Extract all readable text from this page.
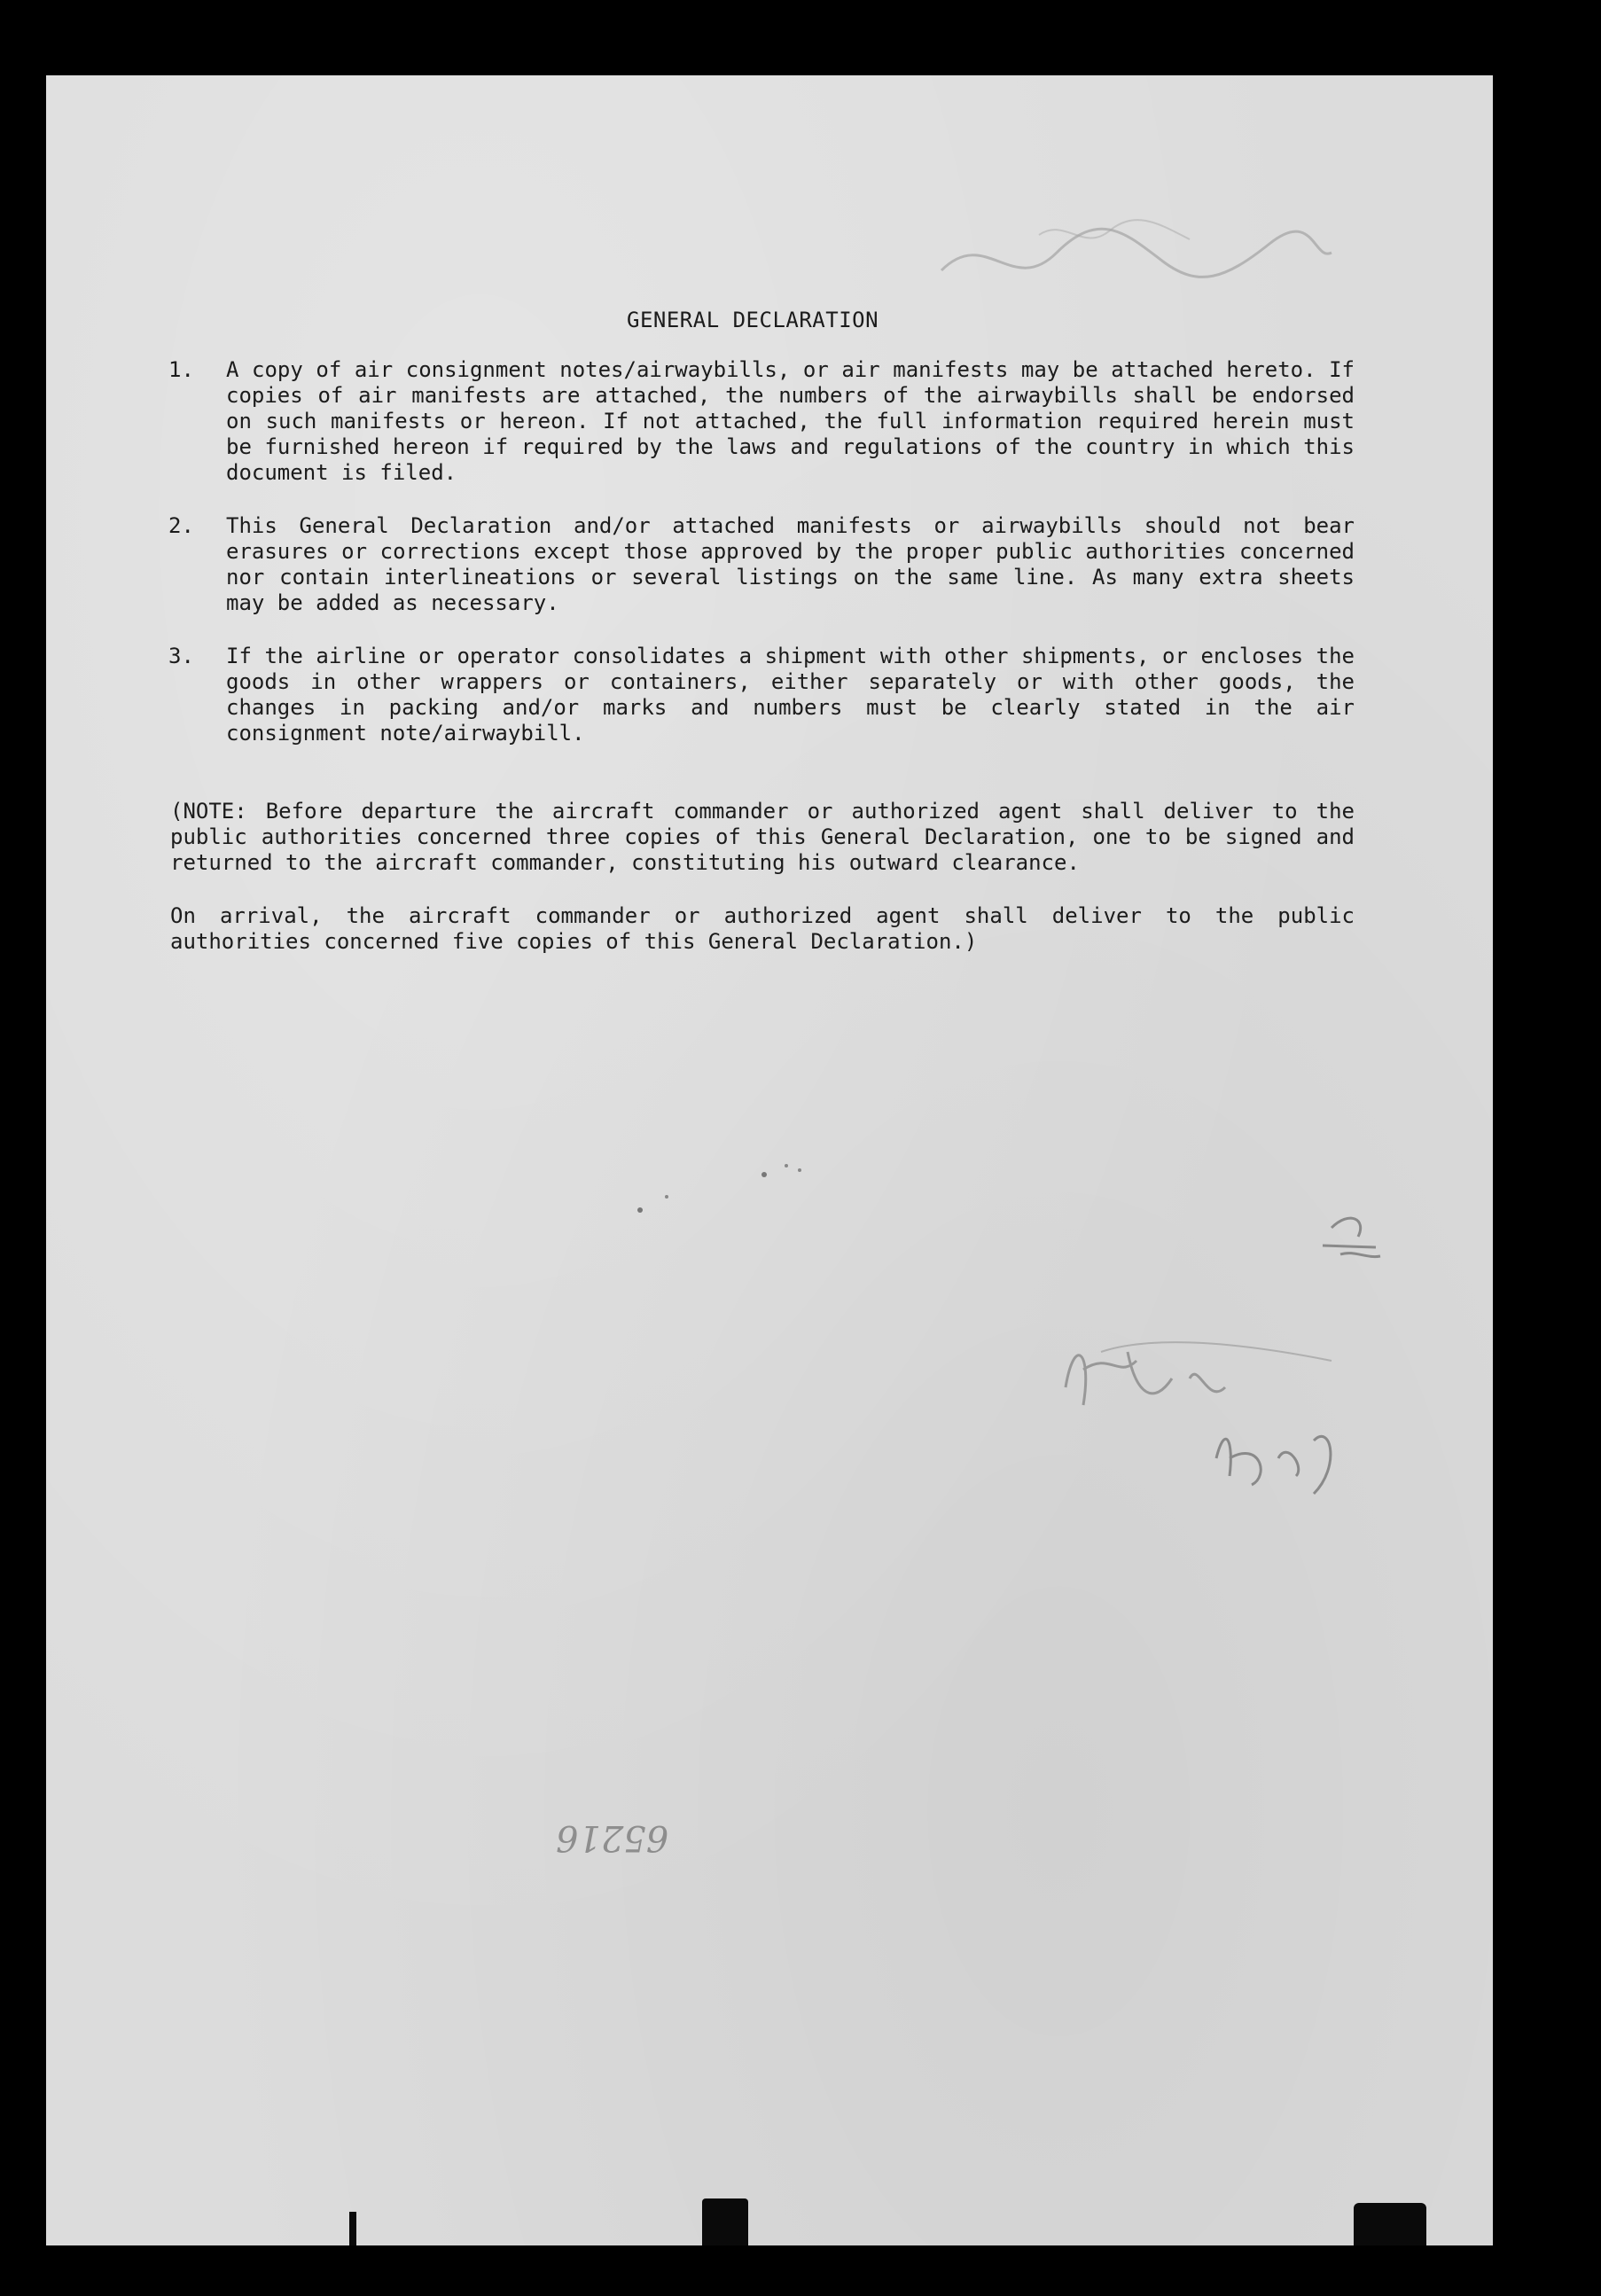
GENERAL DECLARATION
1. A copy of air consignment notes/airwaybills, or air manifests may be attached hereto. If copies of air manifests are attached, the numbers of the airwaybills shall be endorsed on such manifests or hereon. If not attached, the full information required herein must be furnished hereon if required by the laws and regulations of the country in which this document is filed.
2. This General Declaration and/or attached manifests or airwaybills should not bear erasures or corrections except those approved by the proper public authorities concerned nor contain interlineations or several listings on the same line. As many extra sheets may be added as necessary.
3. If the airline or operator consolidates a shipment with other shipments, or encloses the goods in other wrappers or containers, either separately or with other goods, the changes in packing and/or marks and numbers must be clearly stated in the air consignment note/airwaybill.
(NOTE: Before departure the aircraft commander or authorized agent shall deliver to the public authorities concerned three copies of this General Declaration, one to be signed and returned to the aircraft commander, constituting his outward clearance.
On arrival, the aircraft commander or authorized agent shall deliver to the public authorities concerned five copies of this General Declaration.)
65216
